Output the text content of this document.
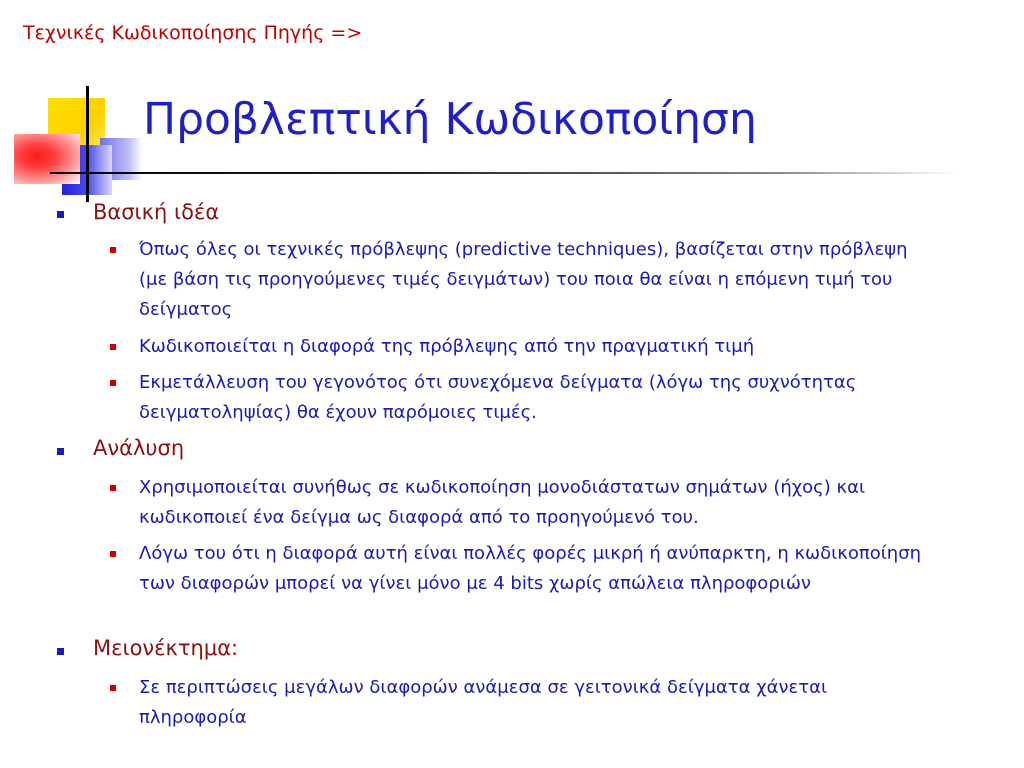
Τεχνικές Κωδικοποίησης Πηγής =>
Προβλεπτική Κωδικοποίηση
Βασική ιδέα
Όπως όλες οι τεχνικές πρόβλεψης (predictive techniques), βασίζεται στην πρόβλεψη (με βάση τις προηγούμενες τιμές δειγμάτων) του ποια θα είναι η επόμενη τιμή του δείγματος
Κωδικοποιείται η διαφορά της πρόβλεψης από την πραγματική τιμή
Εκμετάλλευση του γεγονότος ότι συνεχόμενα δείγματα (λόγω της συχνότητας δειγματοληψίας) θα έχουν παρόμοιες τιμές.
Ανάλυση
Χρησιμοποιείται συνήθως σε κωδικοποίηση μονοδιάστατων σημάτων (ήχος) και κωδικοποιεί ένα δείγμα ως διαφορά από το προηγούμενό του.
Λόγω του ότι η διαφορά αυτή είναι πολλές φορές μικρή ή ανύπαρκτη, η κωδικοποίηση των διαφορών μπορεί να γίνει μόνο με 4 bits χωρίς απώλεια πληροφοριών
Μειονέκτημα:
Σε περιπτώσεις μεγάλων διαφορών ανάμεσα σε γειτονικά δείγματα χάνεται πληροφορία
